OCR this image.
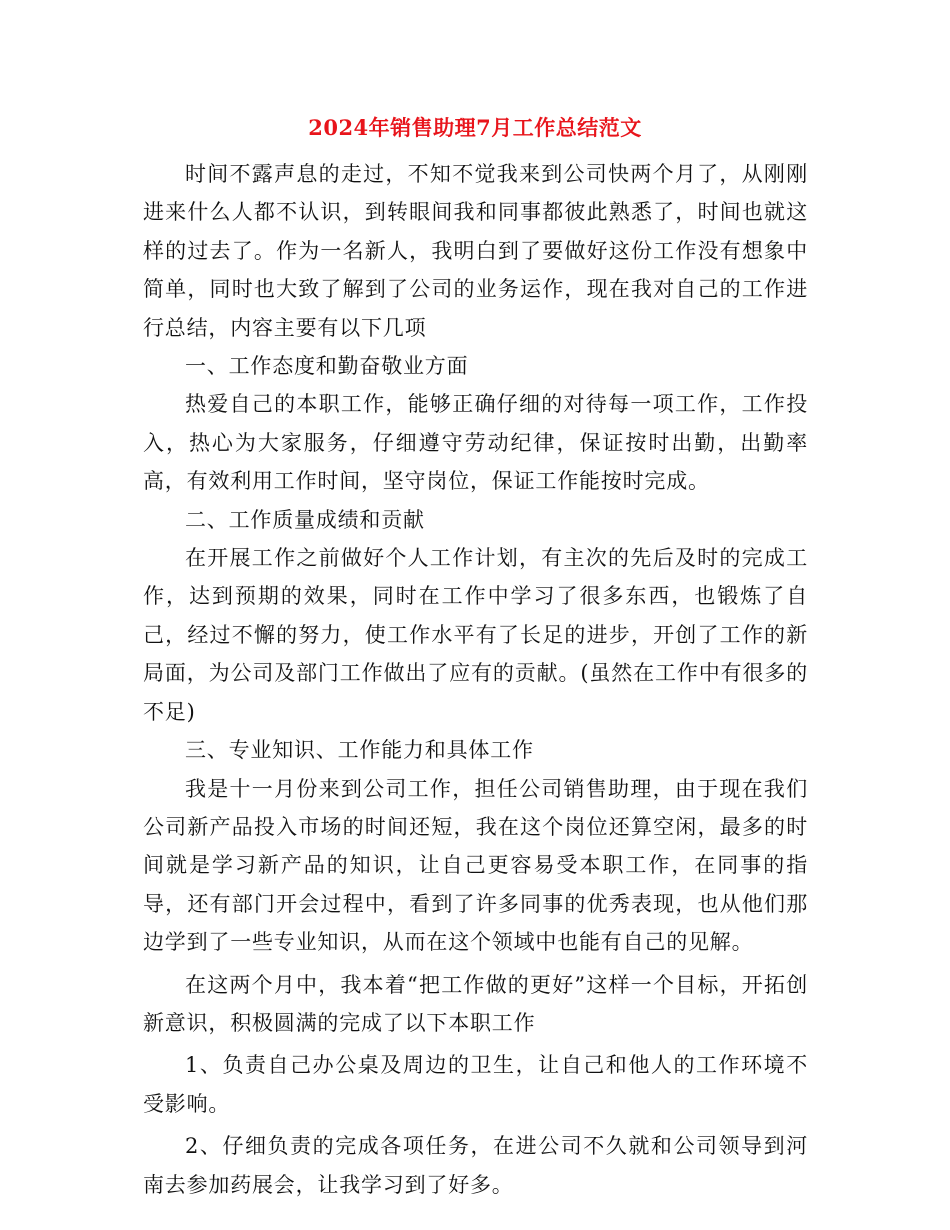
2024年销售助理7月工作总结范文

时间不露声息的走过，不知不觉我来到公司快两个月了，从刚刚进来什么人都不认识，到转眼间我和同事都彼此熟悉了，时间也就这样的过去了。作为一名新人，我明白到了要做好这份工作没有想象中简单，同时也大致了解到了公司的业务运作，现在我对自己的工作进行总结，内容主要有以下几项

一、工作态度和勤奋敬业方面

热爱自己的本职工作，能够正确仔细的对待每一项工作，工作投入，热心为大家服务，仔细遵守劳动纪律，保证按时出勤，出勤率高，有效利用工作时间，坚守岗位，保证工作能按时完成。

二、工作质量成绩和贡献

在开展工作之前做好个人工作计划，有主次的先后及时的完成工作，达到预期的效果，同时在工作中学习了很多东西，也锻炼了自己，经过不懈的努力，使工作水平有了长足的进步，开创了工作的新局面，为公司及部门工作做出了应有的贡献。(虽然在工作中有很多的不足)

三、专业知识、工作能力和具体工作

我是十一月份来到公司工作，担任公司销售助理，由于现在我们公司新产品投入市场的时间还短，我在这个岗位还算空闲，最多的时间就是学习新产品的知识，让自己更容易受本职工作，在同事的指导，还有部门开会过程中，看到了许多同事的优秀表现，也从他们那边学到了一些专业知识，从而在这个领域中也能有自己的见解。

在这两个月中，我本着“把工作做的更好”这样一个目标，开拓创新意识，积极圆满的完成了以下本职工作

1、负责自己办公桌及周边的卫生，让自己和他人的工作环境不受影响。

2、仔细负责的完成各项任务，在进公司不久就和公司领导到河南去参加药展会，让我学习到了好多。
